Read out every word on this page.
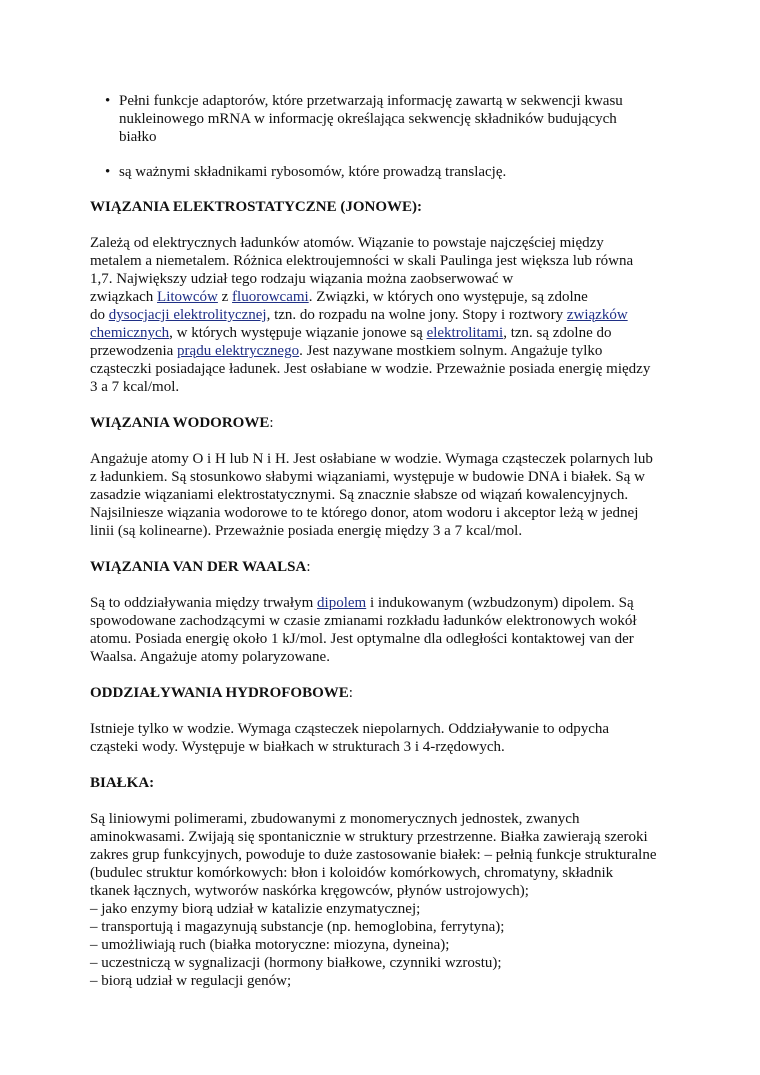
• Pełni funkcje adaptorów, które przetwarzają informację zawartą w sekwencji kwasu
nukleinowego mRNA w informację określająca sekwencję składników budujących
białko
• są ważnymi składnikami rybosomów, które prowadzą translację.
WIĄZANIA ELEKTROSTATYCZNE (JONOWE):
Zależą od elektrycznych ładunków atomów. Wiązanie to powstaje najczęściej między
metalem a niemetalem. Różnica elektroujemności w skali Paulinga jest większa lub równa
1,7. Największy udział tego rodzaju wiązania można zaobserwować w
związkach Litowców z fluorowcami. Związki, w których ono występuje, są zdolne
do dysocjacji elektrolitycznej, tzn. do rozpadu na wolne jony. Stopy i roztwory związków
chemicznych, w których występuje wiązanie jonowe są elektrolitami, tzn. są zdolne do
przewodzenia prądu elektrycznego. Jest nazywane mostkiem solnym. Angażuje tylko
cząsteczki posiadające ładunek. Jest osłabiane w wodzie. Przeważnie posiada energię między
3 a 7 kcal/mol.
WIĄZANIA WODOROWE:
Angażuje atomy O i H lub N i H. Jest osłabiane w wodzie. Wymaga cząsteczek polarnych lub
z ładunkiem. Są stosunkowo słabymi wiązaniami, występuje w budowie DNA i białek. Są w
zasadzie wiązaniami elektrostatycznymi. Są znacznie słabsze od wiązań kowalencyjnych.
Najsilniesze wiązania wodorowe to te którego donor, atom wodoru i akceptor leżą w jednej
linii (są kolinearne). Przeważnie posiada energię między 3 a 7 kcal/mol.
WIĄZANIA VAN DER WAALSA:
Są to oddziaływania między trwałym dipolem i indukowanym (wzbudzonym) dipolem. Są
spowodowane zachodzącymi w czasie zmianami rozkładu ładunków elektronowych wokół
atomu. Posiada energię około 1 kJ/mol. Jest optymalne dla odległości kontaktowej van der
Waalsa. Angażuje atomy polaryzowane.
ODDZIAŁYWANIA HYDROFOBOWE:
Istnieje tylko w wodzie. Wymaga cząsteczek niepolarnych. Oddziaływanie to odpycha
cząsteki wody. Występuje w białkach w strukturach 3 i 4-rzędowych.
BIAŁKA:
Są liniowymi polimerami, zbudowanymi z monomerycznych jednostek, zwanych
aminokwasami. Zwijają się spontanicznie w struktury przestrzenne. Białka zawierają szeroki
zakres grup funkcyjnych, powoduje to duże zastosowanie białek: – pełnią funkcje strukturalne
(budulec struktur komórkowych: błon i koloidów komórkowych, chromatyny, składnik
tkanek łącznych, wytworów naskórka kręgowców, płynów ustrojowych);
– jako enzymy biorą udział w katalizie enzymatycznej;
– transportują i magazynują substancje (np. hemoglobina, ferrytyna);
– umożliwiają ruch (białka motoryczne: miozyna, dyneina);
– uczestniczą w sygnalizacji (hormony białkowe, czynniki wzrostu);
– biorą udział w regulacji genów;
